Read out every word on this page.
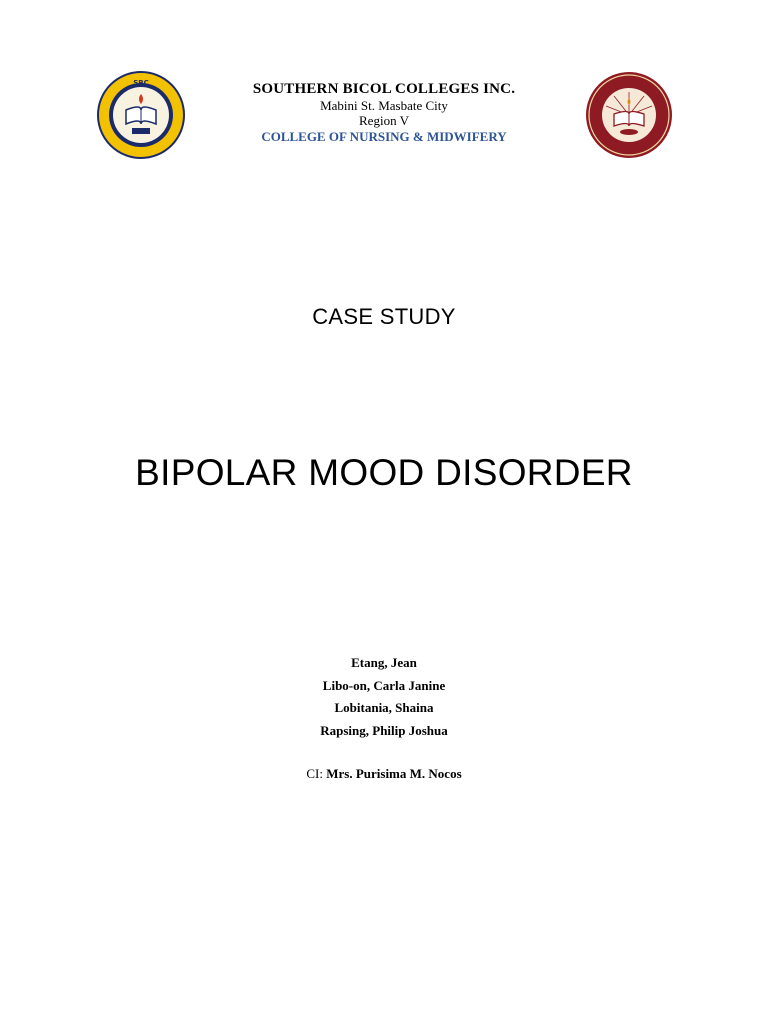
SBC	SOUTHERN BICOL COLLEGES INC.
Mabini St. Masbate City
Region V
COLLEGE OF NURSING & MIDWIFERY
CASE STUDY
BIPOLAR MOOD DISORDER
Etang, Jean
Libo-on, Carla Janine
Lobitania, Shaina
Rapsing, Philip Joshua
CI: Mrs. Purisima M. Nocos
